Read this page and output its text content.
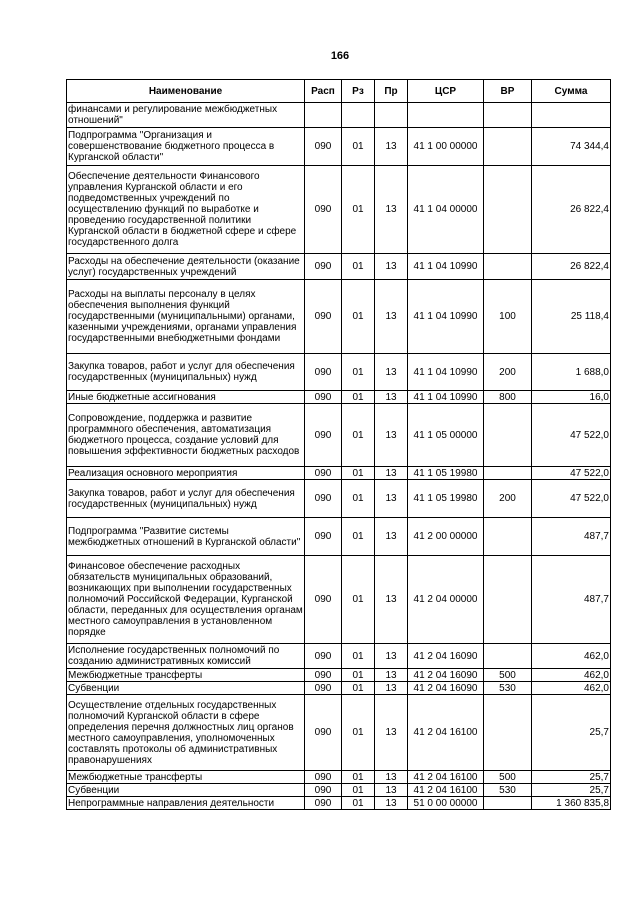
166
Наименование	Расп	Рз	Пр	ЦСР	ВР	Сумма
финансами и регулирование межбюджетных отношений"						
Подпрограмма "Организация и совершенствование бюджетного процесса в Курганской области"	090	01	13	41 1 00 00000		74 344,4
Обеспечение деятельности Финансового управления Курганской области и его подведомственных учреждений по осуществлению функций по выработке и проведению государственной политики Курганской области в бюджетной сфере и сфере государственного долга	090	01	13	41 1 04 00000		26 822,4
Расходы на обеспечение деятельности (оказание услуг) государственных учреждений	090	01	13	41 1 04 10990		26 822,4
Расходы на выплаты персоналу в целях обеспечения выполнения функций государственными (муниципальными) органами, казенными учреждениями, органами управления государственными внебюджетными фондами	090	01	13	41 1 04 10990	100	25 118,4
Закупка товаров, работ и услуг для обеспечения государственных (муниципальных) нужд	090	01	13	41 1 04 10990	200	1 688,0
Иные бюджетные ассигнования	090	01	13	41 1 04 10990	800	16,0
Сопровождение, поддержка и развитие программного обеспечения, автоматизация бюджетного процесса, создание условий для повышения эффективности бюджетных расходов	090	01	13	41 1 05 00000		47 522,0
Реализация основного мероприятия	090	01	13	41 1 05 19980		47 522,0
Закупка товаров, работ и услуг для обеспечения государственных (муниципальных) нужд	090	01	13	41 1 05 19980	200	47 522,0
Подпрограмма "Развитие системы межбюджетных отношений в Курганской области"	090	01	13	41 2 00 00000		487,7
Финансовое обеспечение расходных обязательств муниципальных образований, возникающих при выполнении государственных полномочий Российской Федерации, Курганской области, переданных для осуществления органам местного самоуправления в установленном порядке	090	01	13	41 2 04 00000		487,7
Исполнение государственных полномочий по созданию административных комиссий	090	01	13	41 2 04 16090		462,0
Межбюджетные трансферты	090	01	13	41 2 04 16090	500	462,0
Субвенции	090	01	13	41 2 04 16090	530	462,0
Осуществление отдельных государственных полномочий Курганской области в сфере определения перечня должностных лиц органов местного самоуправления, уполномоченных составлять протоколы об административных правонарушениях	090	01	13	41 2 04 16100		25,7
Межбюджетные трансферты	090	01	13	41 2 04 16100	500	25,7
Субвенции	090	01	13	41 2 04 16100	530	25,7
Непрограммные направления деятельности	090	01	13	51 0 00 00000		1 360 835,8
